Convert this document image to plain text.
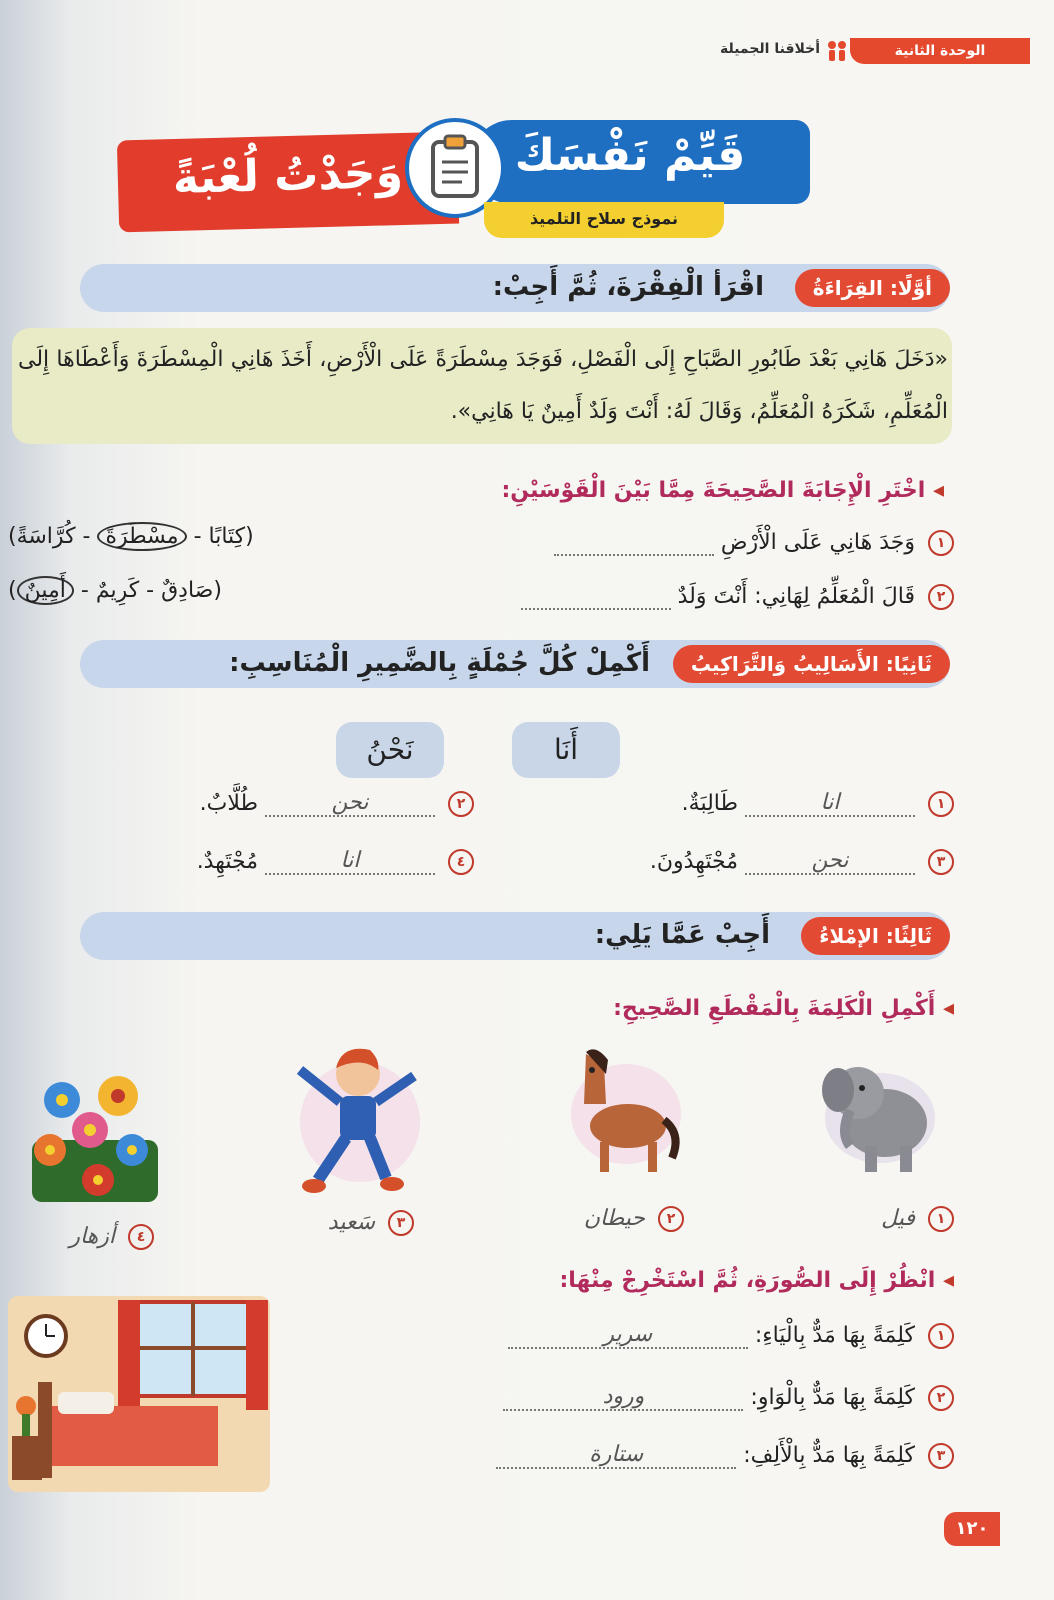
الوحدة الثانية
أخلاقنا الجميلة
وَجَدْتُ لُعْبَةً	قَيِّمْ نَفْسَكَ
نموذج سلاح التلميذ
أوَّلًا: القِرَاءَةُ
اقْرَأ الْفِقْرَةَ، ثُمَّ أَجِبْ:
«دَخَلَ هَانِي بَعْدَ طَابُورِ الصَّبَاحِ إِلَى الْفَصْلِ، فَوَجَدَ مِسْطَرَةً عَلَى الْأَرْضِ، أَخَذَ هَانِي الْمِسْطَرَةَ وَأَعْطَاهَا إِلَى الْمُعَلِّمِ، شَكَرَهُ الْمُعَلِّمُ، وَقَالَ لَهُ: أَنْتَ وَلَدٌ أَمِينٌ يَا هَانِي».
◂ اخْتَرِ الْإِجَابَةَ الصَّحِيحَةَ مِمَّا بَيْنَ الْقَوْسَيْنِ:
١ وَجَدَ هَانِي عَلَى الْأَرْضِ
(كِتَابًا - مِسْطَرَةً - كُرَّاسَةً)
٢ قَالَ الْمُعَلِّمُ لِهَانِي: أَنْتَ وَلَدٌ
(صَادِقٌ - كَرِيمٌ - أَمِينٌ)
ثَانِيًا: الأَسَالِيبُ وَالتَّرَاكِيبُ
أَكْمِلْ كُلَّ جُمْلَةٍ بِالضَّمِيرِ الْمُنَاسِبِ:
أَنَا
نَحْنُ
١ انا طَالِبَةٌ.
٢ نحن طُلَّابٌ.
٣ نحن مُجْتَهِدُونَ.
٤ انا مُجْتَهِدٌ.
ثَالِثًا: الإمْلاءُ
أَجِبْ عَمَّا يَلِي:
◂ أَكْمِلِ الْكَلِمَةَ بِالْمَقْطَعِ الصَّحِيحِ:
١ فيل
٢ حيطان
٣ سَعيد
٤ أزهار
◂ انْظُرْ إِلَى الصُّورَةِ، ثُمَّ اسْتَخْرِجْ مِنْهَا:
١ كَلِمَةً بِهَا مَدٌّ بِالْيَاءِ: سرير
٢ كَلِمَةً بِهَا مَدٌّ بِالْوَاوِ: ورود
٣ كَلِمَةً بِهَا مَدٌّ بِالْأَلِفِ: ستارة
١٢٠
